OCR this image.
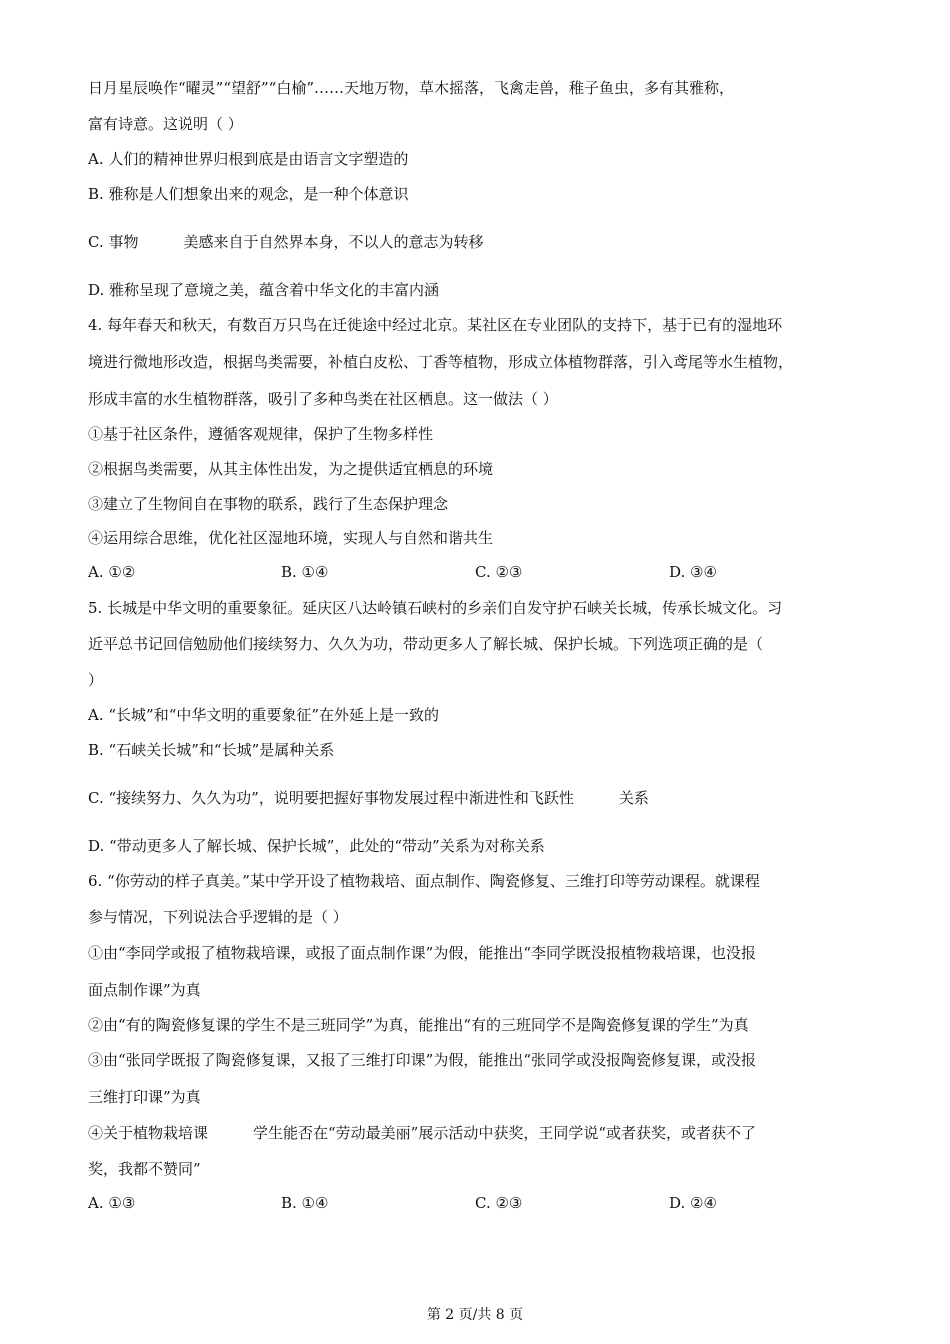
日月星辰唤作“曜灵”“望舒”“白榆”……天地万物，草木摇落，飞禽走兽，稚子鱼虫，多有其雅称，
富有诗意。这说明（ ）
A. 人们的精神世界归根到底是由语言文字塑造的
B. 雅称是人们想象出来的观念，是一种个体意识
C. 事物　　　美感来自于自然界本身，不以人的意志为转移
D. 雅称呈现了意境之美，蕴含着中华文化的丰富内涵
4. 每年春天和秋天，有数百万只鸟在迁徙途中经过北京。某社区在专业团队的支持下，基于已有的湿地环
境进行微地形改造，根据鸟类需要，补植白皮松、丁香等植物，形成立体植物群落，引入鸢尾等水生植物，
形成丰富的水生植物群落，吸引了多种鸟类在社区栖息。这一做法（ ）
①基于社区条件，遵循客观规律，保护了生物多样性
②根据鸟类需要，从其主体性出发，为之提供适宜栖息的环境
③建立了生物间自在事物的联系，践行了生态保护理念
④运用综合思维，优化社区湿地环境，实现人与自然和谐共生
A. ①②	B. ①④	C. ②③	D. ③④
5. 长城是中华文明的重要象征。延庆区八达岭镇石峡村的乡亲们自发守护石峡关长城，传承长城文化。习
近平总书记回信勉励他们接续努力、久久为功，带动更多人了解长城、保护长城。下列选项正确的是（
）
A. “长城”和“中华文明的重要象征”在外延上是一致的
B. “石峡关长城”和“长城”是属种关系
C. “接续努力、久久为功”，说明要把握好事物发展过程中渐进性和飞跃性　　　关系
D. “带动更多人了解长城、保护长城”，此处的“带动”关系为对称关系
6. “你劳动的样子真美。”某中学开设了植物栽培、面点制作、陶瓷修复、三维打印等劳动课程。就课程
参与情况，下列说法合乎逻辑的是（ ）
①由“李同学或报了植物栽培课，或报了面点制作课”为假，能推出“李同学既没报植物栽培课，也没报
面点制作课”为真
②由“有的陶瓷修复课的学生不是三班同学”为真，能推出“有的三班同学不是陶瓷修复课的学生”为真
③由“张同学既报了陶瓷修复课，又报了三维打印课”为假，能推出“张同学或没报陶瓷修复课，或没报
三维打印课”为真
④关于植物栽培课　　　学生能否在“劳动最美丽”展示活动中获奖，王同学说“或者获奖，或者获不了
奖，我都不赞同”
A. ①③	B. ①④	C. ②③	D. ②④
第 2 页/共 8 页
